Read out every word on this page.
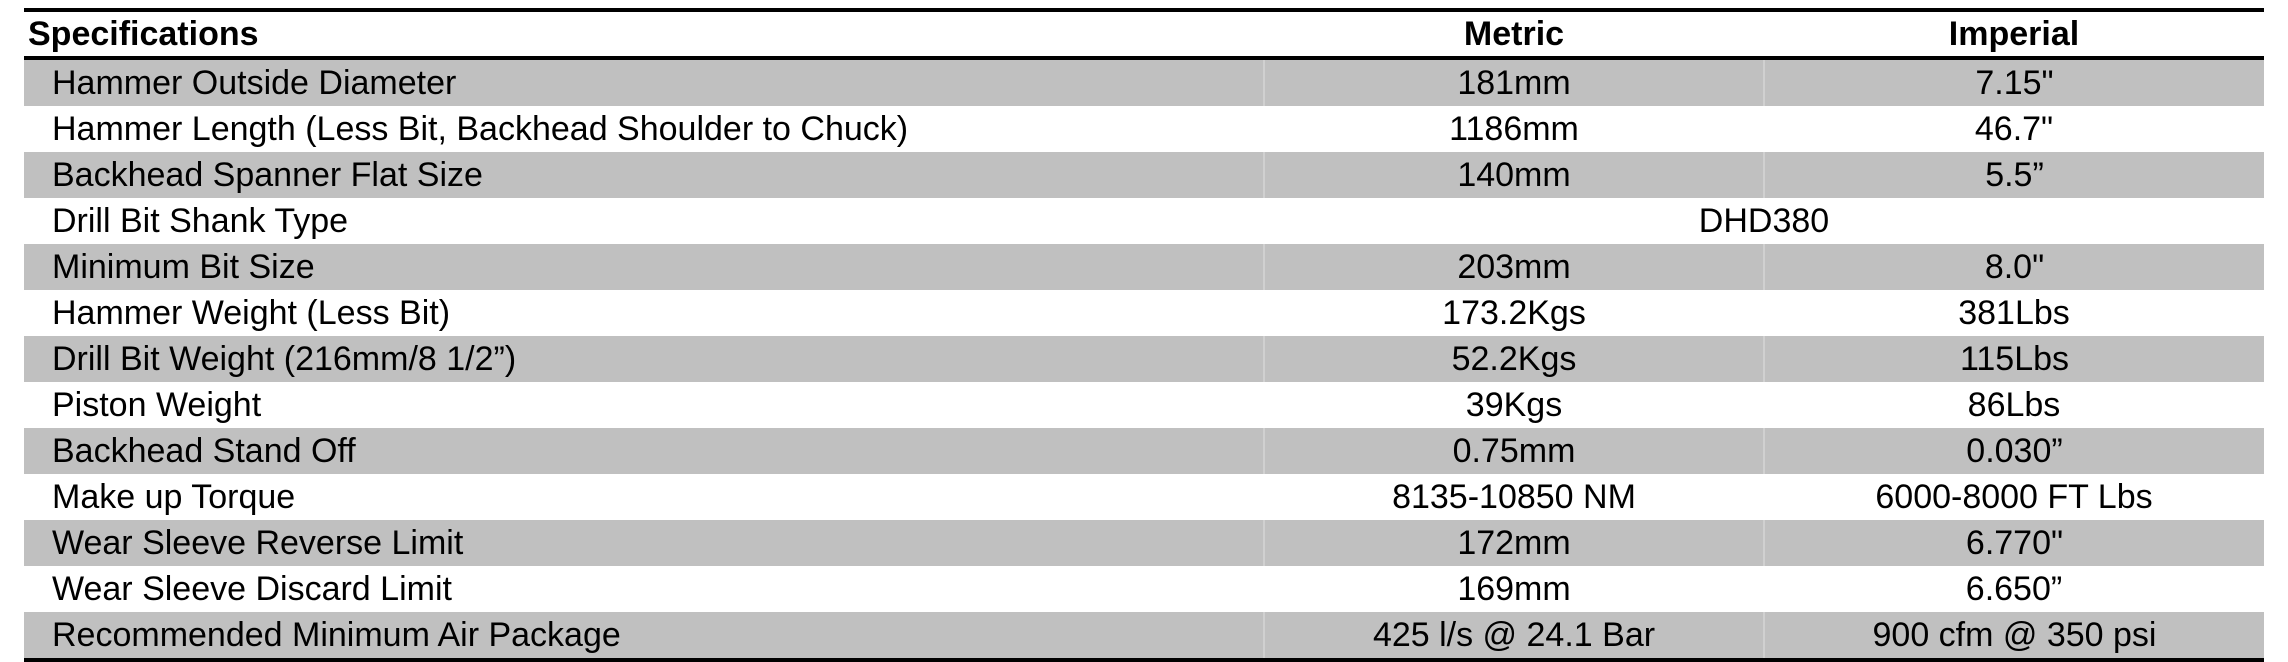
Specifications	Metric	Imperial
Hammer Outside Diameter	181mm	7.15"
Hammer Length (Less Bit, Backhead Shoulder to Chuck)	1186mm	46.7"
Backhead Spanner Flat Size	140mm	5.5”
Drill Bit Shank Type	DHD380	
Minimum Bit Size	203mm	8.0"
Hammer Weight (Less Bit)	173.2Kgs	381Lbs
Drill Bit Weight (216mm/8 1/2”)	52.2Kgs	115Lbs
Piston Weight	39Kgs	86Lbs
Backhead Stand Off	0.75mm	0.030”
Make up Torque	8135-10850 NM	6000-8000 FT Lbs
Wear Sleeve Reverse Limit	172mm	6.770"
Wear Sleeve Discard Limit	169mm	6.650”
Recommended Minimum Air Package	425 l/s @ 24.1 Bar	900 cfm @ 350 psi
